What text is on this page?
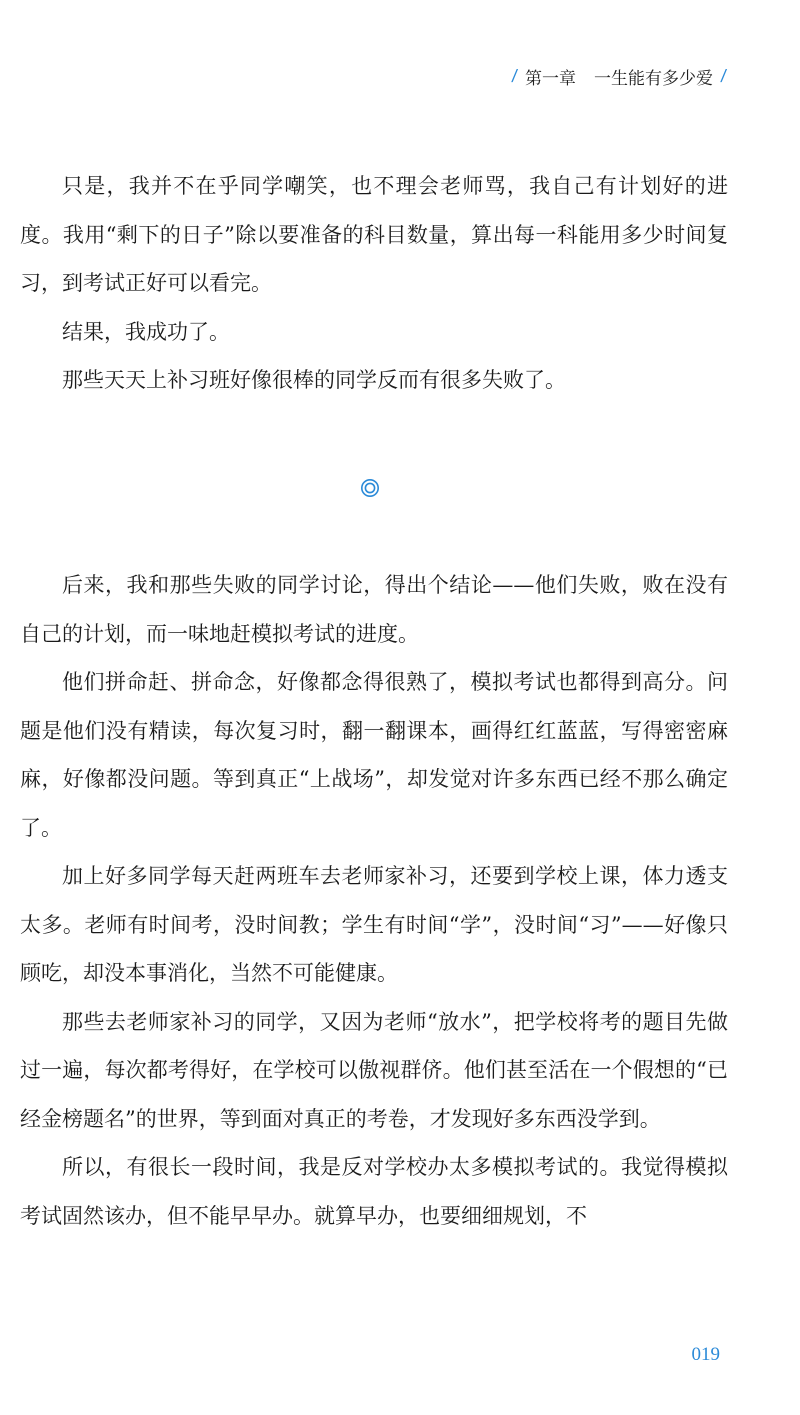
/ 第一章 一生能有多少爱 /

只是，我并不在乎同学嘲笑，也不理会老师骂，我自己有计划好的进度。我用“剩下的日子”除以要准备的科目数量，算出每一科能用多少时间复习，到考试正好可以看完。

结果，我成功了。

那些天天上补习班好像很棒的同学反而有很多失败了。

后来，我和那些失败的同学讨论，得出个结论——他们失败，败在没有自己的计划，而一味地赶模拟考试的进度。

他们拼命赶、拼命念，好像都念得很熟了，模拟考试也都得到高分。问题是他们没有精读，每次复习时，翻一翻课本，画得红红蓝蓝，写得密密麻麻，好像都没问题。等到真正“上战场”，却发觉对许多东西已经不那么确定了。

加上好多同学每天赶两班车去老师家补习，还要到学校上课，体力透支太多。老师有时间考，没时间教；学生有时间“学”，没时间“习”——好像只顾吃，却没本事消化，当然不可能健康。

那些去老师家补习的同学，又因为老师“放水”，把学校将考的题目先做过一遍，每次都考得好，在学校可以傲视群侪。他们甚至活在一个假想的“已经金榜题名”的世界，等到面对真正的考卷，才发现好多东西没学到。

所以，有很长一段时间，我是反对学校办太多模拟考试的。我觉得模拟考试固然该办，但不能早早办。就算早办，也要细细规划，不

019
